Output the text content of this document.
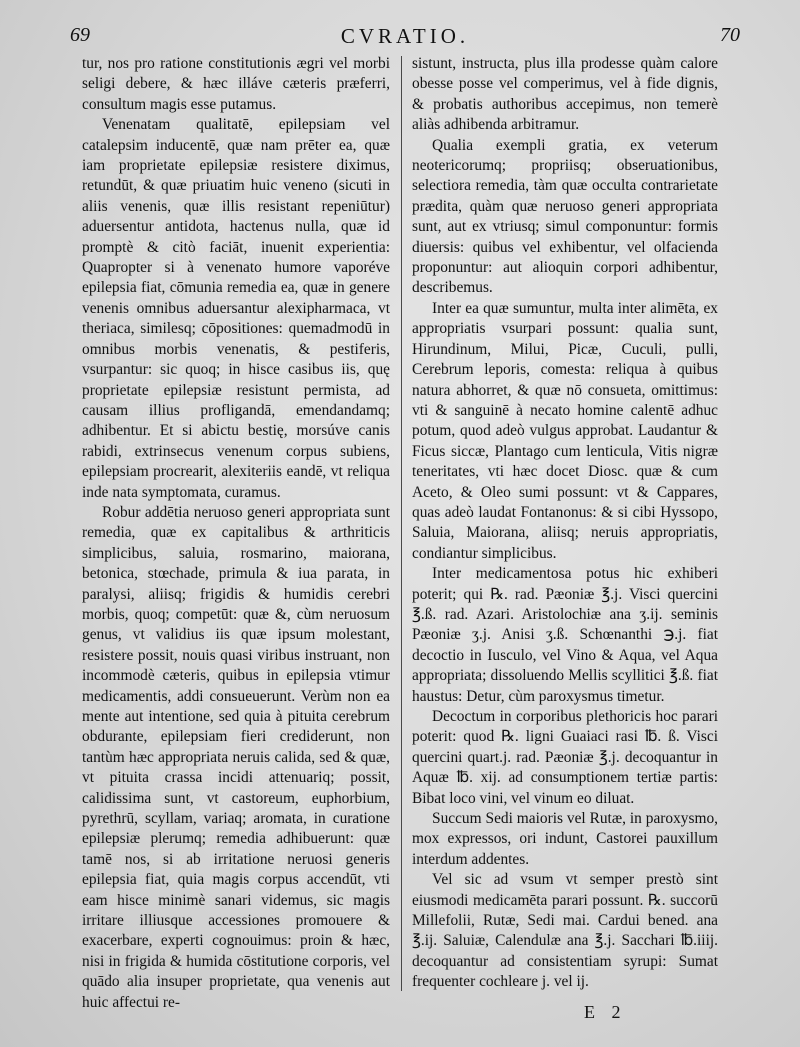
69	CVRATIO.	70

tur, nos pro ratione constitutionis ægri vel morbi seligi debere, & hæc illáve cæteris præferri, consultum magis esse putamus.

Venenatam qualitatē, epilepsiam vel catalepsim inducentē, quæ nam prēter ea, quæ iam proprietate epilepsiæ resistere diximus, retundūt, & quæ priuatim huic veneno (sicuti in aliis venenis, quæ illis resistant repeniūtur) aduersentur antidota, hactenus nulla, quæ id promptè & citò faciāt, inuenit experientia: Quapropter si à venenato humore vaporéve epilepsia fiat, cōmunia remedia ea, quæ in genere venenis omnibus aduersantur alexipharmaca, vt theriaca, similesq; cōpositiones: quemadmodū in omnibus morbis venenatis, & pestiferis, vsurpantur: sic quoq; in hisce casibus iis, quę proprietate epilepsiæ resistunt permista, ad causam illius profligandā, emendandamq; adhibentur. Et si abictu bestię, morsúve canis rabidi, extrinsecus venenum corpus subiens, epilepsiam procrearit, alexiteriis eandē, vt reliqua inde nata symptomata, curamus.

Robur addētia neruoso generi appropriata sunt remedia, quæ ex capitalibus & arthriticis simplicibus, saluia, rosmarino, maiorana, betonica, stœchade, primula & iua parata, in paralysi, aliisq; frigidis & humidis cerebri morbis, quoq; competūt: quæ &, cùm neruosum genus, vt validius iis quæ ipsum molestant, resistere possit, nouis quasi viribus instruant, non incommodè cæteris, quibus in epilepsia vtimur medicamentis, addi consueuerunt. Verùm non ea mente aut intentione, sed quia à pituita cerebrum obdurante, epilepsiam fieri crediderunt, non tantùm hæc appropriata neruis calida, sed & quæ, vt pituita crassa incidi attenuariq; possit, calidissima sunt, vt castoreum, euphorbium, pyrethrū, scyllam, variaq; aromata, in curatione epilepsiæ plerumq; remedia adhibuerunt: quæ tamē nos, si ab irritatione neruosi generis epilepsia fiat, quia magis corpus accendūt, vti eam hisce minimè sanari videmus, sic magis irritare illiusque accessiones promouere & exacerbare, experti cognouimus: proin & hæc, nisi in frigida & humida cōstitutione corporis, vel quādo alia insuper proprietate, qua venenis aut huic affectui re-

sistunt, instructa, plus illa prodesse quàm calore obesse posse vel comperimus, vel à fide dignis, & probatis authoribus accepimus, non temerè aliàs adhibenda arbitramur.

Qualia exempli gratia, ex veterum neotericorumq; propriisq; obseruationibus, selectiora remedia, tàm quæ occulta contrarietate prædita, quàm quæ neruoso generi appropriata sunt, aut ex vtriusq; simul componuntur: formis diuersis: quibus vel exhibentur, vel olfacienda proponuntur: aut alioquin corpori adhibentur, describemus.

Inter ea quæ sumuntur, multa inter alimēta, ex appropriatis vsurpari possunt: qualia sunt, Hirundinum, Milui, Picæ, Cuculi, pulli, Cerebrum leporis, comesta: reliqua à quibus natura abhorret, & quæ nō consueta, omittimus: vti & sanguinē à necato homine calentē adhuc potum, quod adeò vulgus approbat. Laudantur & Ficus siccæ, Plantago cum lenticula, Vitis nigræ teneritates, vti hæc docet Diosc. quæ & cum Aceto, & Oleo sumi possunt: vt & Cappares, quas adeò laudat Fontanonus: & si cibi Hyssopo, Saluia, Maiorana, aliisq; neruis appropriatis, condiantur simplicibus.

Inter medicamentosa potus hic exhiberi poterit; qui ℞. rad. Pæoniæ ℥.j. Visci quercini ℥.ß. rad. Azari. Aristolochiæ ana ʒ.ij. seminis Pæoniæ ʒ.j. Anisi ʒ.ß. Schœnanthi ℈.j. fiat decoctio in Iusculo, vel Vino & Aqua, vel Aqua appropriata; dissoluendo Mellis scyllitici ℥.ß. fiat haustus: Detur, cùm paroxysmus timetur.

Decoctum in corporibus plethoricis hoc parari poterit: quod ℞. ligni Guaiaci rasi ℔. ß. Visci quercini quart.j. rad. Pæoniæ ℥.j. decoquantur in Aquæ ℔. xij. ad consumptionem tertiæ partis: Bibat loco vini, vel vinum eo diluat.

Succum Sedi maioris vel Rutæ, in paroxysmo, mox expressos, ori indunt, Castorei pauxillum interdum addentes.

Vel sic ad vsum vt semper prestò sint eiusmodi medicamēta parari possunt. ℞. succorū Millefolii, Rutæ, Sedi mai. Cardui bened. ana ℥.ij. Saluiæ, Calendulæ ana ℥.j. Sacchari ℔.iiij. decoquantur ad consistentiam syrupi: Sumat frequenter cochleare j. vel ij.

E 2
